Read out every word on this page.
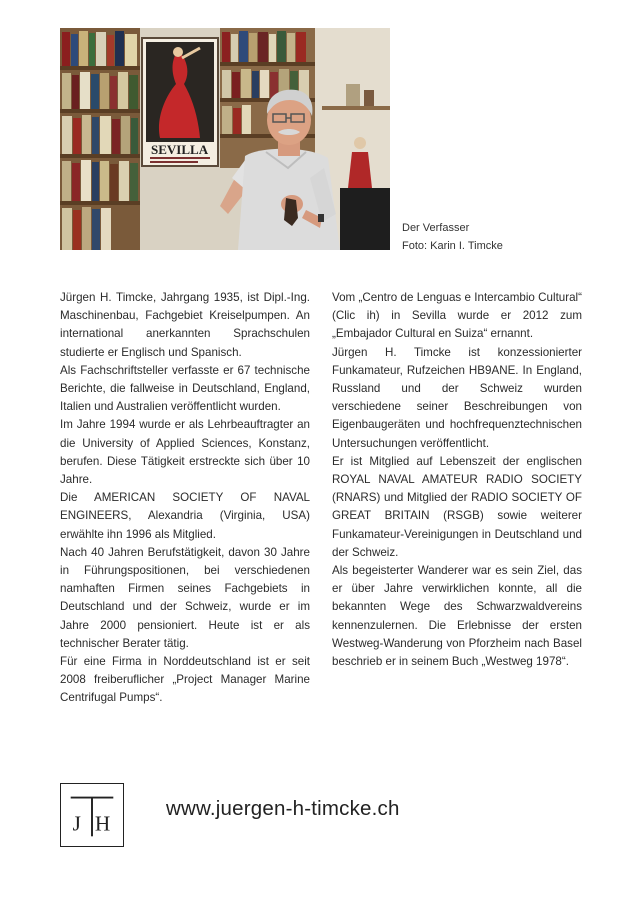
SEVILLA
Der Verfasser
Foto: Karin I. Timcke

Jürgen H. Timcke, Jahrgang 1935, ist Dipl.-Ing. Maschinenbau, Fachgebiet Kreiselpumpen. An international anerkannten Sprachschulen studierte er Englisch und Spanisch.

Als Fachschriftsteller verfasste er 67 technische Berichte, die fallweise in Deutschland, England, Italien und Australien veröffentlicht wurden.

Im Jahre 1994 wurde er als Lehrbeauftragter an die University of Applied Sciences, Konstanz, berufen. Diese Tätigkeit erstreckte sich über 10 Jahre.

Die AMERICAN SOCIETY OF NAVAL ENGINEERS, Alexandria (Virginia, USA) erwählte ihn 1996 als Mitglied.

Nach 40 Jahren Berufstätigkeit, davon 30 Jahre in Führungspositionen, bei verschiedenen namhaften Firmen seines Fachgebiets in Deutschland und der Schweiz, wurde er im Jahre 2000 pensioniert. Heute ist er als technischer Berater tätig.

Für eine Firma in Norddeutschland ist er seit 2008 freiberuflicher „Project Manager Marine Centrifugal Pumps“.

Vom „Centro de Lenguas e Intercambio Cultural“ (Clic ih) in Sevilla wurde er 2012 zum „Embajador Cultural en Suiza“ ernannt.

Jürgen H. Timcke ist konzessionierter Funkamateur, Rufzeichen HB9ANE. In England, Russland und der Schweiz wurden verschiedene seiner Beschreibungen von Eigenbaugeräten und hochfrequenztechnischen Untersuchungen veröffentlicht.

Er ist Mitglied auf Lebenszeit der englischen ROYAL NAVAL AMATEUR RADIO SOCIETY (RNARS) und Mitglied der RADIO SOCIETY OF GREAT BRITAIN (RSGB) sowie weiterer Funkamateur-Vereinigungen in Deutschland und der Schweiz.

Als begeisterter Wanderer war es sein Ziel, das er über Jahre verwirklichen konnte, all die bekannten Wege des Schwarzwaldvereins kennenzulernen. Die Erlebnisse der ersten Westweg-Wanderung von Pforzheim nach Basel beschrieb er in seinem Buch „Westweg 1978“.

J H
www.juergen-h-timcke.ch
